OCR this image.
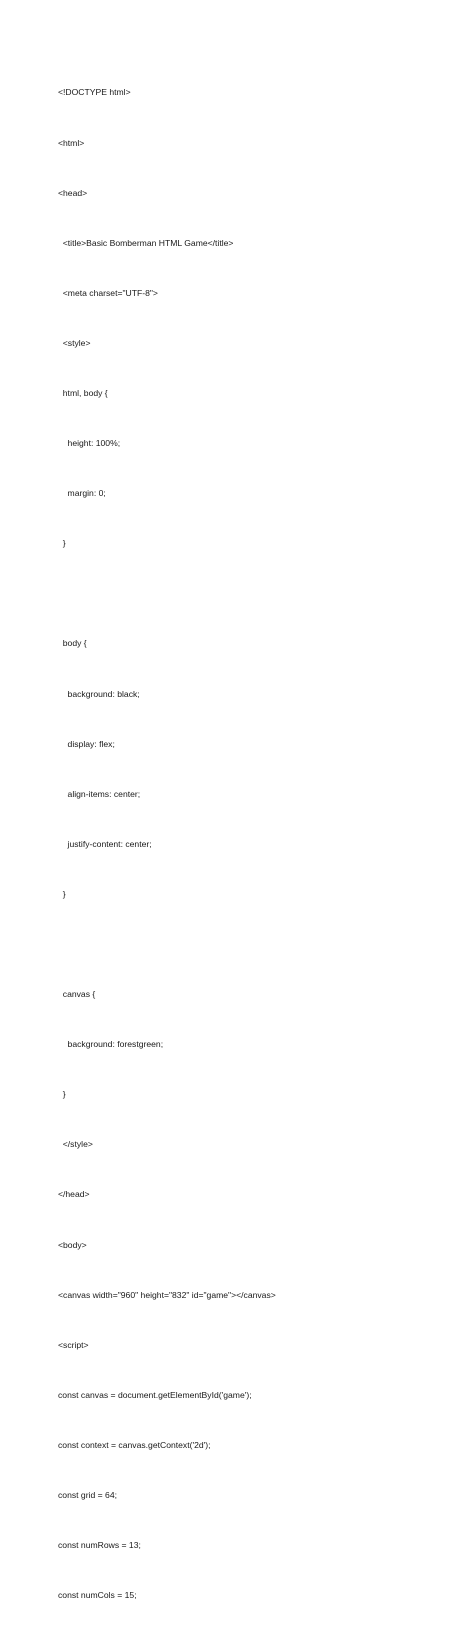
<!DOCTYPE html>

<html>

<head>

<title>Basic Bomberman HTML Game</title>

<meta charset="UTF-8">

<style>

html, body {

height: 100%;

margin: 0;

}

body {

background: black;

display: flex;

align-items: center;

justify-content: center;

}

canvas {

background: forestgreen;

}

</style>

</head>

<body>

<canvas width="960" height="832" id="game"></canvas>

<script>

const canvas = document.getElementById('game');

const context = canvas.getContext('2d');

const grid = 64;

const numRows = 13;

const numCols = 15;
